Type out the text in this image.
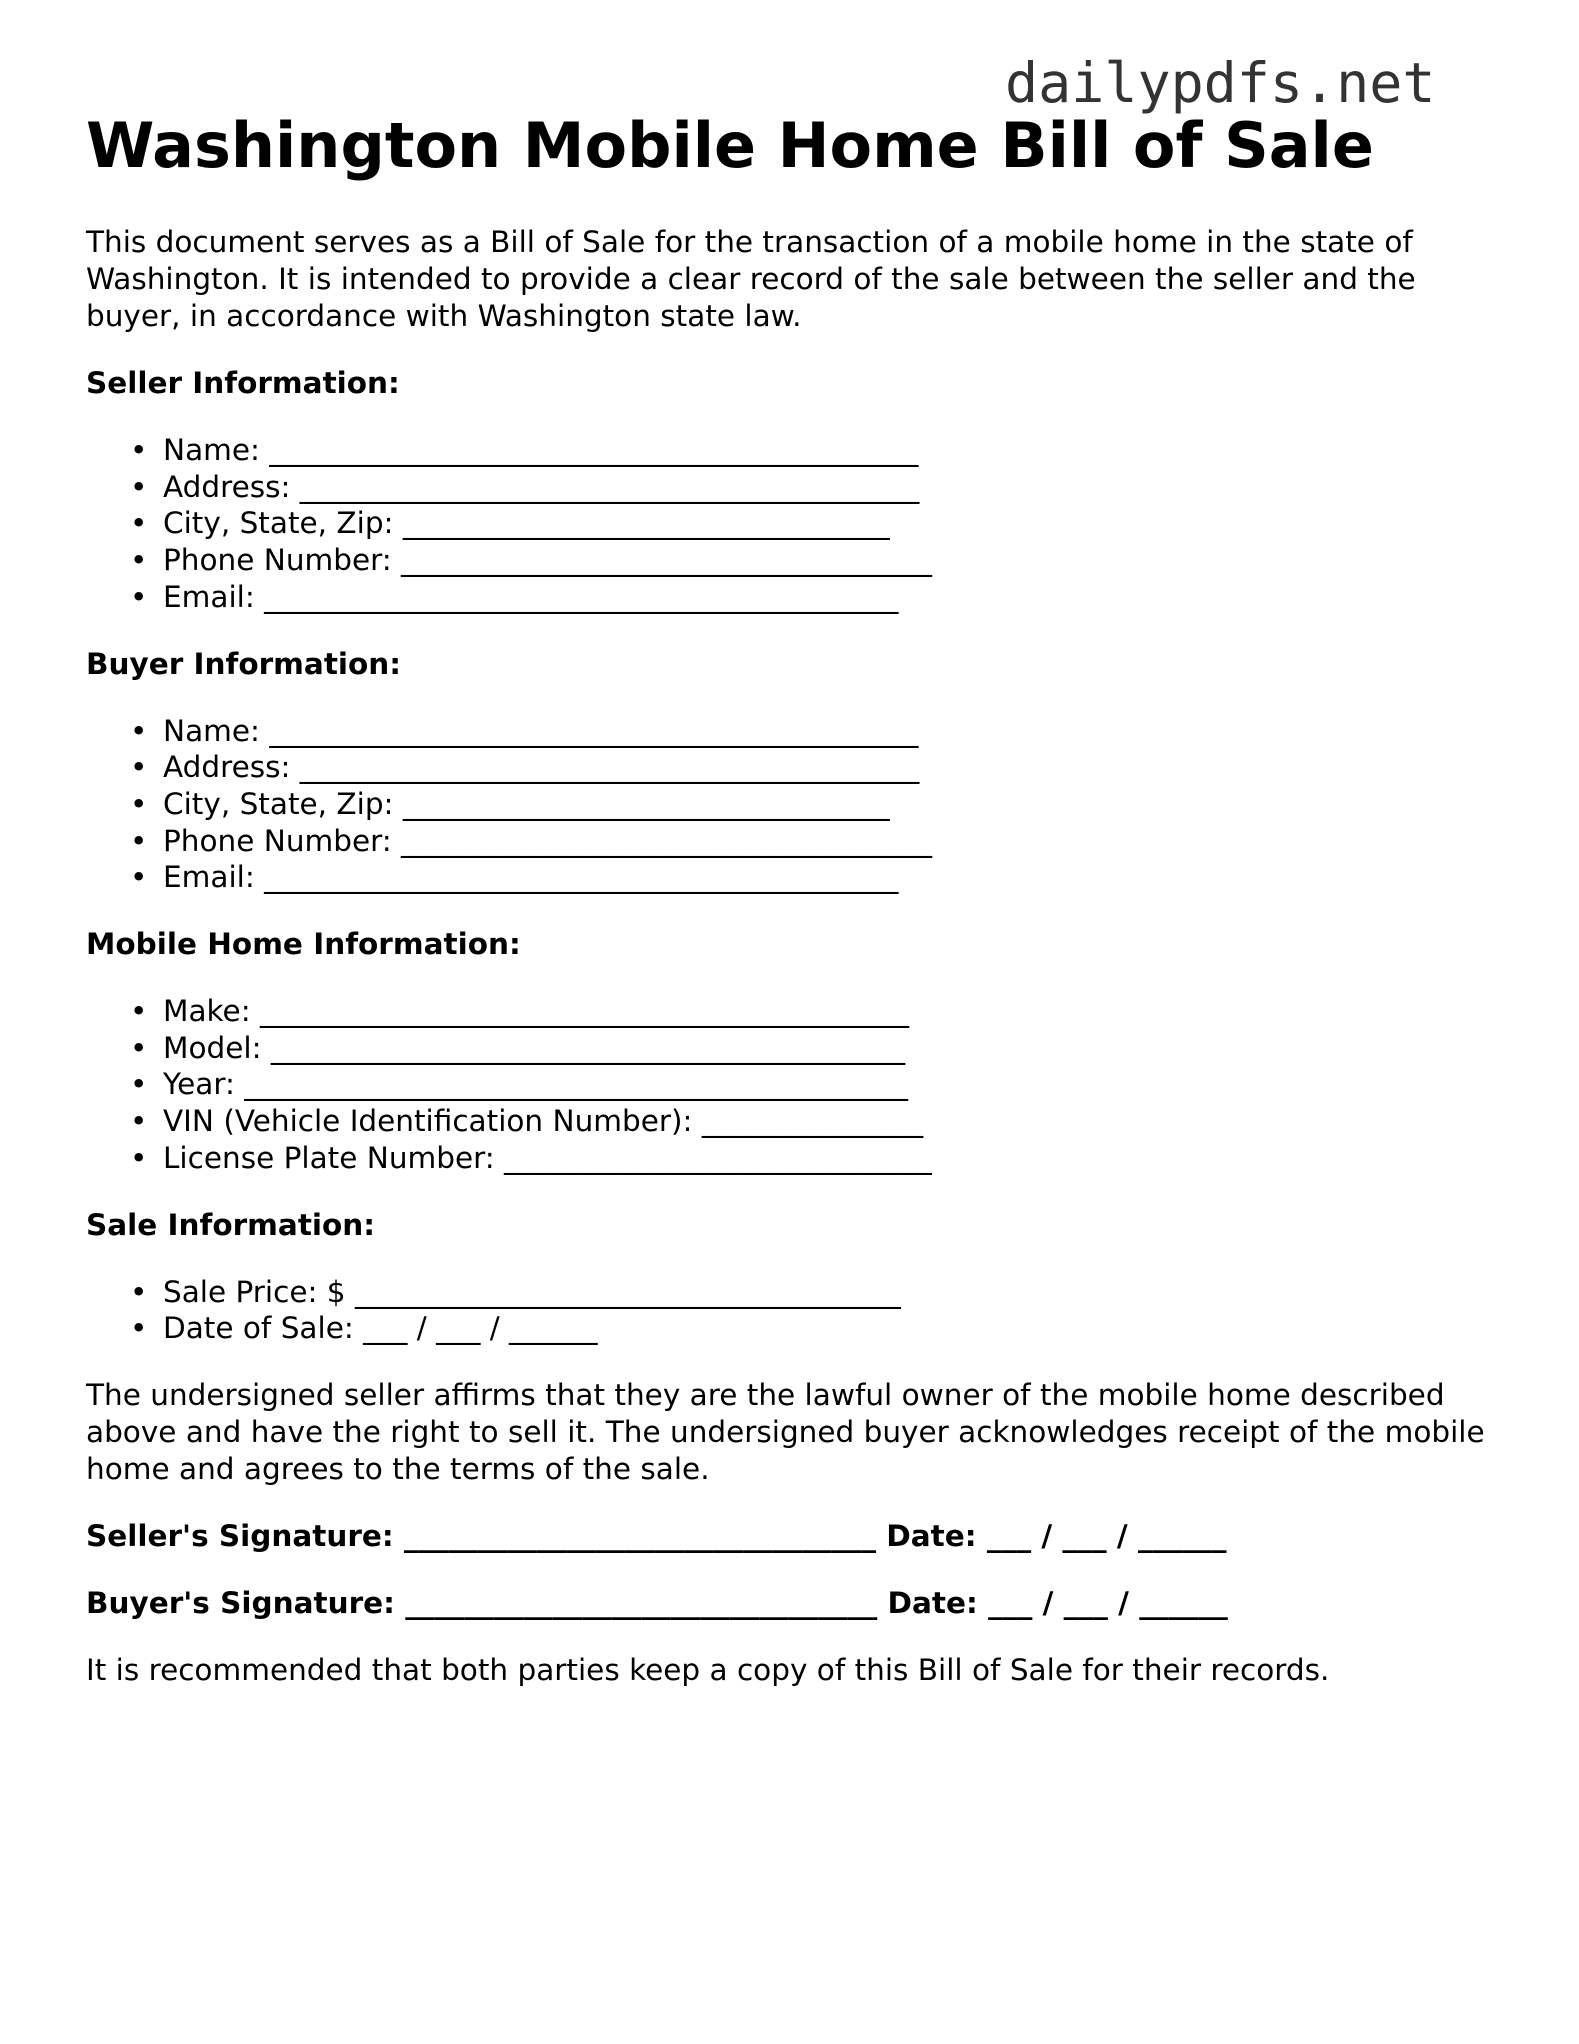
dailypdfs.net

Washington Mobile Home Bill of Sale

This document serves as a Bill of Sale for the transaction of a mobile home in the state of Washington. It is intended to provide a clear record of the sale between the seller and the buyer, in accordance with Washington state law.

Seller Information:

• Name: ____________________________________________
• Address: __________________________________________
• City, State, Zip: _________________________________
• Phone Number: ____________________________________
• Email: ___________________________________________

Buyer Information:

• Name: ____________________________________________
• Address: __________________________________________
• City, State, Zip: _________________________________
• Phone Number: ____________________________________
• Email: ___________________________________________

Mobile Home Information:

• Make: ____________________________________________
• Model: ___________________________________________
• Year: _____________________________________________
• VIN (Vehicle Identification Number): _______________
• License Plate Number: _____________________________

Sale Information:

• Sale Price: $ _____________________________________
• Date of Sale: ___ / ___ / ______

The undersigned seller affirms that they are the lawful owner of the mobile home described above and have the right to sell it. The undersigned buyer acknowledges receipt of the mobile home and agrees to the terms of the sale.

Seller's Signature: ________________________________ Date: ___ / ___ / ______

Buyer's Signature: ________________________________ Date: ___ / ___ / ______

It is recommended that both parties keep a copy of this Bill of Sale for their records.
